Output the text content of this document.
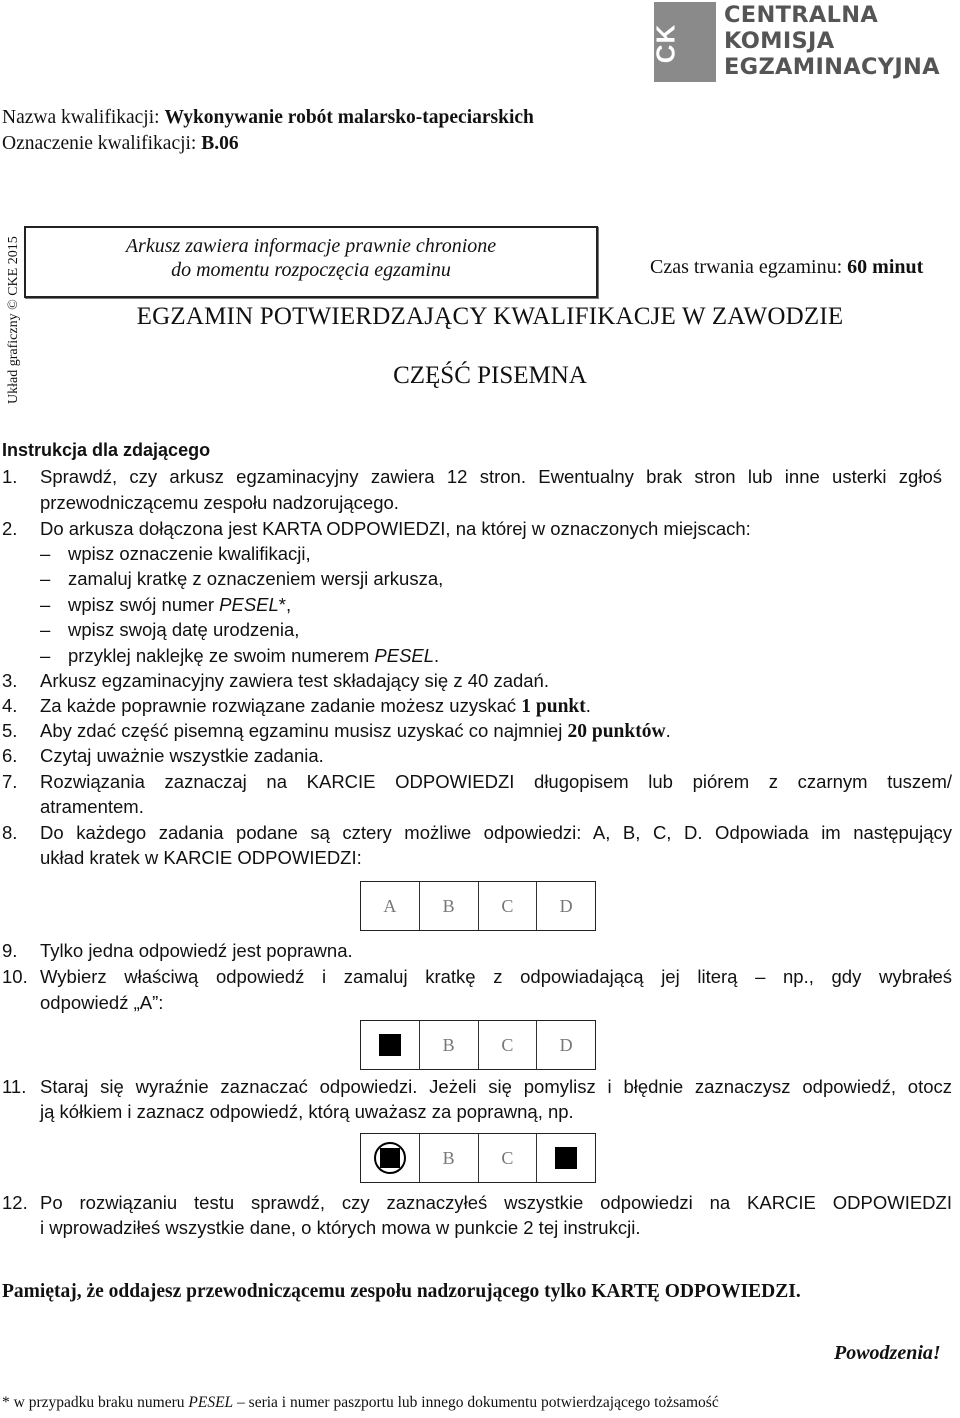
CK
CENTRALNA
KOMISJA
EGZAMINACYJNA
Nazwa kwalifikacji: Wykonywanie robót malarsko-tapeciarskich
Oznaczenie kwalifikacji: B.06
Układ graficzny © CKE 2015	Arkusz zawiera informacje prawnie chronione
do momentu rozpoczęcia egzaminu	Czas trwania egzaminu: 60 minut
EGZAMIN POTWIERDZAJĄCY KWALIFIKACJE W ZAWODZIE
CZĘŚĆ PISEMNA
Instrukcja dla zdającego
1. Sprawdź, czy arkusz egzaminacyjny zawiera 12 stron. Ewentualny brak stron lub inne usterki zgłoś
przewodniczącemu zespołu nadzorującego.
2. Do arkusza dołączona jest KARTA ODPOWIEDZI, na której w oznaczonych miejscach:
– wpisz oznaczenie kwalifikacji,
– zamaluj kratkę z oznaczeniem wersji arkusza,
– wpisz swój numer PESEL*,
– wpisz swoją datę urodzenia,
– przyklej naklejkę ze swoim numerem PESEL.
3. Arkusz egzaminacyjny zawiera test składający się z 40 zadań.
4. Za każde poprawnie rozwiązane zadanie możesz uzyskać 1 punkt.
5. Aby zdać część pisemną egzaminu musisz uzyskać co najmniej 20 punktów.
6. Czytaj uważnie wszystkie zadania.
7. Rozwiązania zaznaczaj na KARCIE ODPOWIEDZI długopisem lub piórem z czarnym tuszem/
atramentem.
8. Do każdego zadania podane są cztery możliwe odpowiedzi: A, B, C, D. Odpowiada im następujący
układ kratek w KARCIE ODPOWIEDZI:
A	B	C	D
9. Tylko jedna odpowiedź jest poprawna.
10. Wybierz właściwą odpowiedź i zamaluj kratkę z odpowiadającą jej literą – np., gdy wybrałeś
odpowiedź „A”:
B	C	D
11. Staraj się wyraźnie zaznaczać odpowiedzi. Jeżeli się pomylisz i błędnie zaznaczysz odpowiedź, otocz
ją kółkiem i zaznacz odpowiedź, którą uważasz za poprawną, np.
B	C
12. Po rozwiązaniu testu sprawdź, czy zaznaczyłeś wszystkie odpowiedzi na KARCIE ODPOWIEDZI
i wprowadziłeś wszystkie dane, o których mowa w punkcie 2 tej instrukcji.
Pamiętaj, że oddajesz przewodniczącemu zespołu nadzorującego tylko KARTĘ ODPOWIEDZI.
Powodzenia!
* w przypadku braku numeru PESEL – seria i numer paszportu lub innego dokumentu potwierdzającego tożsamość
